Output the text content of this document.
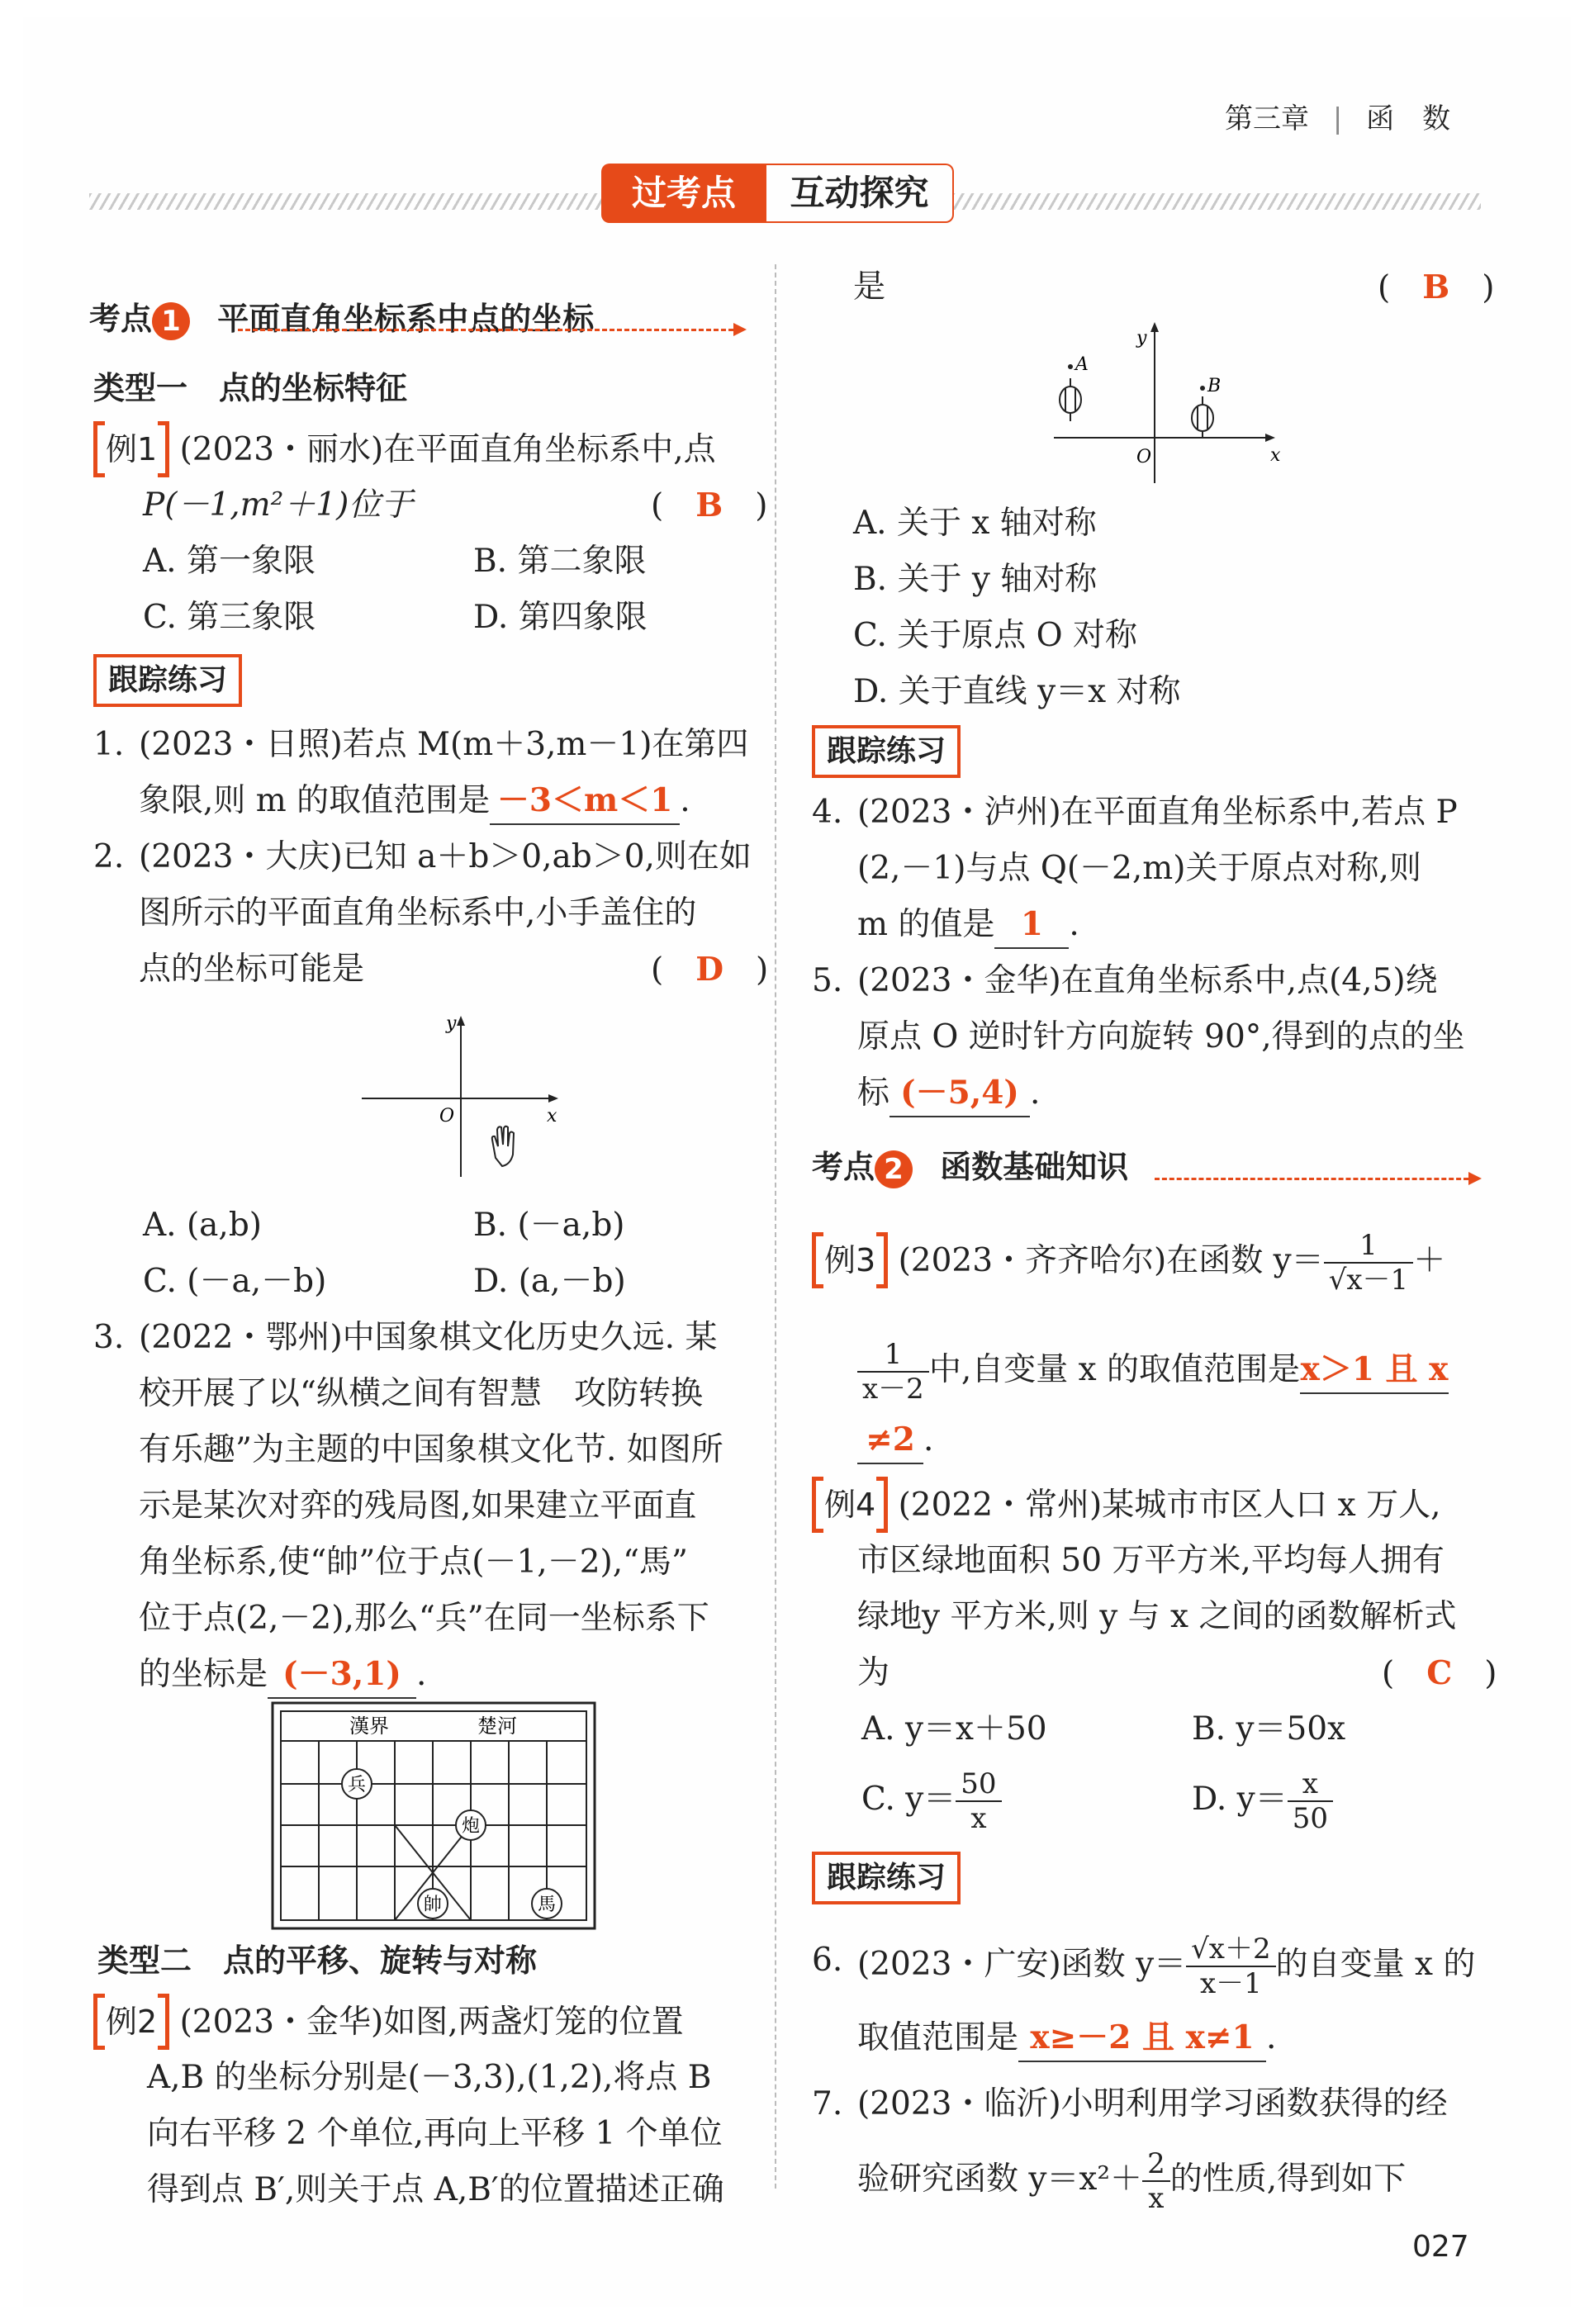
第三章 | 函　数
过考点	互动探究
考点 1 平面直角坐标系中点的坐标
类型一　点的坐标特征
例1 (2023・丽水)在平面直角坐标系中,点
P(－1,m²＋1)位于	(　B　)
A. 第一象限	B. 第二象限
C. 第三象限	D. 第四象限
跟踪练习
1. (2023・日照)若点 M(m＋3,m－1)在第四
象限,则 m 的取值范围是 －3＜m＜1 .
2. (2023・大庆)已知 a＋b＞0,ab＞0,则在如
图所示的平面直角坐标系中,小手盖住的
点的坐标可能是	(　D　)
y
x
O
A. (a,b)	B. (－a,b)
C. (－a,－b)	D. (a,－b)
3. (2022・鄂州)中国象棋文化历史久远. 某
校开展了以“纵横之间有智慧　攻防转换
有乐趣”为主题的中国象棋文化节. 如图所
示是某次对弈的残局图,如果建立平面直
角坐标系,使“帥”位于点(－1,－2),“馬”
位于点(2,－2),那么“兵”在同一坐标系下
的坐标是 (－3,1) .
漢界	楚河
兵
炮
帥	馬
类型二　点的平移、旋转与对称
例2 (2023・金华)如图,两盏灯笼的位置
A,B 的坐标分别是(－3,3),(1,2),将点 B
向右平移 2 个单位,再向上平移 1 个单位
得到点 B′,则关于点 A,B′的位置描述正确
是	(　B　)
y
x
O
A
B
A. 关于 x 轴对称
B. 关于 y 轴对称
C. 关于原点 O 对称
D. 关于直线 y＝x 对称
跟踪练习
4. (2023・泸州)在平面直角坐标系中,若点 P
(2,－1)与点 Q(－2,m)关于原点对称,则
m 的值是 1 .
5. (2023・金华)在直角坐标系中,点(4,5)绕
原点 O 逆时针方向旋转 90°,得到的点的坐
标 (－5,4) .
考点 2 函数基础知识
例3 (2023・齐齐哈尔)在函数 $y= \frac{1}{√x-1}$ ＋
$\frac{1}{x-2}$ 中,自变量 x 的取值范围是x＞1 且 x
≠2 .
例4 (2022・常州)某城市市区人口 x 万人,
市区绿地面积 50 万平方米,平均每人拥有
绿地y 平方米,则 y 与 x 之间的函数解析式
为	(　C　)
A. y＝x＋50	B. y＝50x
C. $y= \frac{50}{x}$	D. $y= \frac{x}{50}$
跟踪练习
6. (2023・广安)函数 $y= \frac{√x+2}{x-1}$ 的自变量 x 的
取值范围是 x≥－2 且 x≠1 .
7. (2023・临沂)小明利用学习函数获得的经
验研究函数 $y=x^2+ \frac{2}{x}$ 的性质,得到如下
027
